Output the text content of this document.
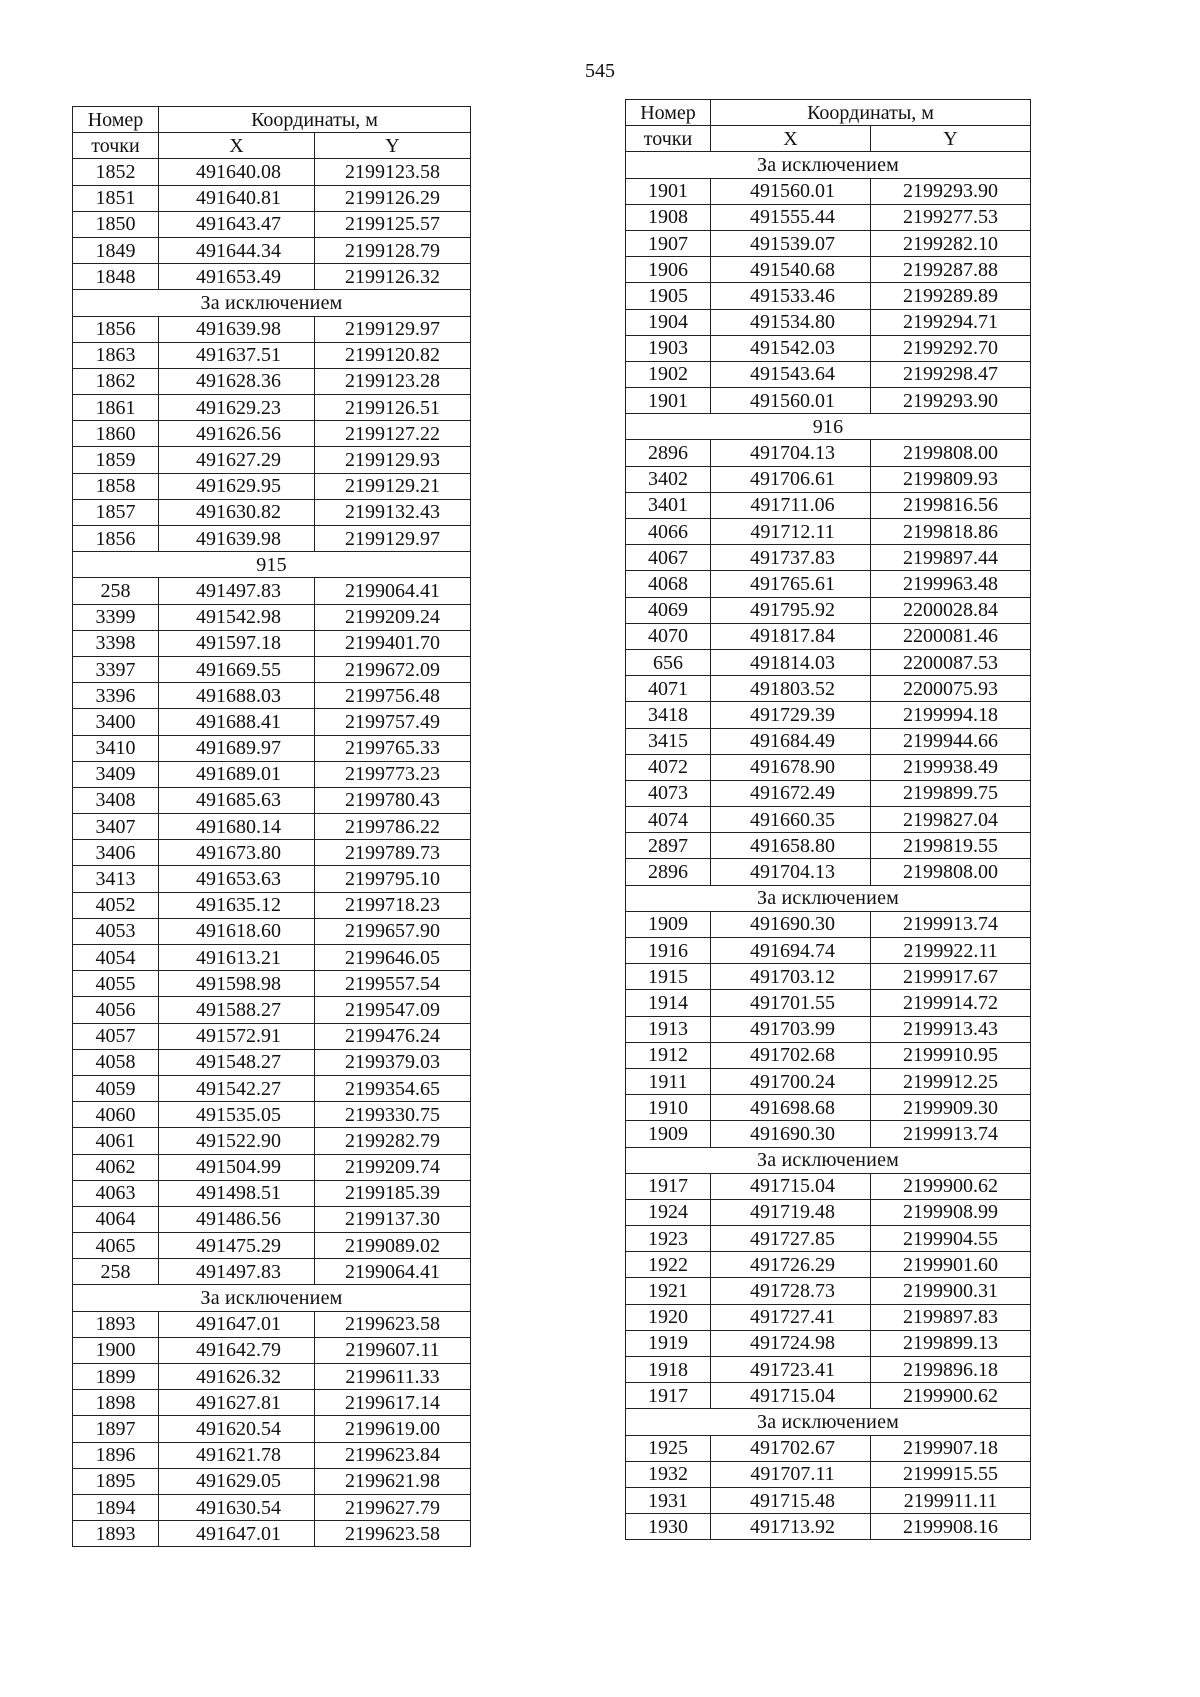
545
Номер	Координаты, м	
точки	X	Y
1852	491640.08	2199123.58
1851	491640.81	2199126.29
1850	491643.47	2199125.57
1849	491644.34	2199128.79
1848	491653.49	2199126.32
За исключением		
1856	491639.98	2199129.97
1863	491637.51	2199120.82
1862	491628.36	2199123.28
1861	491629.23	2199126.51
1860	491626.56	2199127.22
1859	491627.29	2199129.93
1858	491629.95	2199129.21
1857	491630.82	2199132.43
1856	491639.98	2199129.97
915		
258	491497.83	2199064.41
3399	491542.98	2199209.24
3398	491597.18	2199401.70
3397	491669.55	2199672.09
3396	491688.03	2199756.48
3400	491688.41	2199757.49
3410	491689.97	2199765.33
3409	491689.01	2199773.23
3408	491685.63	2199780.43
3407	491680.14	2199786.22
3406	491673.80	2199789.73
3413	491653.63	2199795.10
4052	491635.12	2199718.23
4053	491618.60	2199657.90
4054	491613.21	2199646.05
4055	491598.98	2199557.54
4056	491588.27	2199547.09
4057	491572.91	2199476.24
4058	491548.27	2199379.03
4059	491542.27	2199354.65
4060	491535.05	2199330.75
4061	491522.90	2199282.79
4062	491504.99	2199209.74
4063	491498.51	2199185.39
4064	491486.56	2199137.30
4065	491475.29	2199089.02
258	491497.83	2199064.41
За исключением		
1893	491647.01	2199623.58
1900	491642.79	2199607.11
1899	491626.32	2199611.33
1898	491627.81	2199617.14
1897	491620.54	2199619.00
1896	491621.78	2199623.84
1895	491629.05	2199621.98
1894	491630.54	2199627.79
1893	491647.01	2199623.58
Номер	Координаты, м	
точки	X	Y
За исключением		
1901	491560.01	2199293.90
1908	491555.44	2199277.53
1907	491539.07	2199282.10
1906	491540.68	2199287.88
1905	491533.46	2199289.89
1904	491534.80	2199294.71
1903	491542.03	2199292.70
1902	491543.64	2199298.47
1901	491560.01	2199293.90
916		
2896	491704.13	2199808.00
3402	491706.61	2199809.93
3401	491711.06	2199816.56
4066	491712.11	2199818.86
4067	491737.83	2199897.44
4068	491765.61	2199963.48
4069	491795.92	2200028.84
4070	491817.84	2200081.46
656	491814.03	2200087.53
4071	491803.52	2200075.93
3418	491729.39	2199994.18
3415	491684.49	2199944.66
4072	491678.90	2199938.49
4073	491672.49	2199899.75
4074	491660.35	2199827.04
2897	491658.80	2199819.55
2896	491704.13	2199808.00
За исключением		
1909	491690.30	2199913.74
1916	491694.74	2199922.11
1915	491703.12	2199917.67
1914	491701.55	2199914.72
1913	491703.99	2199913.43
1912	491702.68	2199910.95
1911	491700.24	2199912.25
1910	491698.68	2199909.30
1909	491690.30	2199913.74
За исключением		
1917	491715.04	2199900.62
1924	491719.48	2199908.99
1923	491727.85	2199904.55
1922	491726.29	2199901.60
1921	491728.73	2199900.31
1920	491727.41	2199897.83
1919	491724.98	2199899.13
1918	491723.41	2199896.18
1917	491715.04	2199900.62
За исключением		
1925	491702.67	2199907.18
1932	491707.11	2199915.55
1931	491715.48	2199911.11
1930	491713.92	2199908.16
